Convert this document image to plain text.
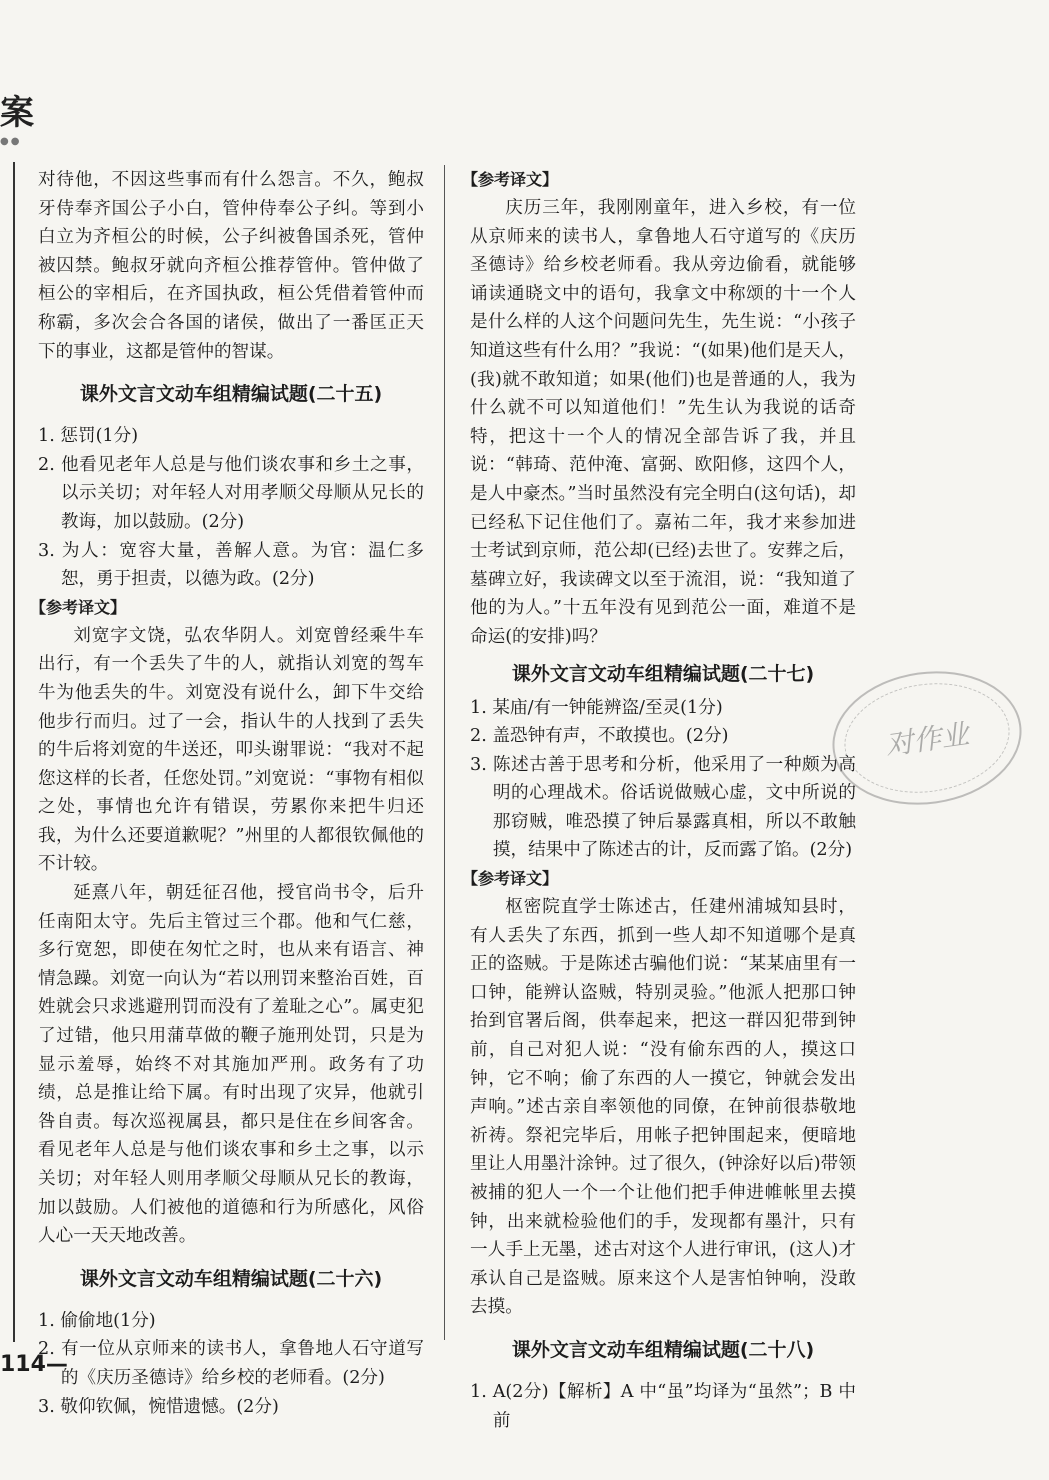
案
●●

对待他，不因这些事而有什么怨言。不久，鲍叔牙侍奉齐国公子小白，管仲侍奉公子纠。等到小白立为齐桓公的时候，公子纠被鲁国杀死，管仲被囚禁。鲍叔牙就向齐桓公推荐管仲。管仲做了桓公的宰相后，在齐国执政，桓公凭借着管仲而称霸，多次会合各国的诸侯，做出了一番匡正天下的事业，这都是管仲的智谋。

课外文言文动车组精编试题(二十五)

1. 惩罚(1分)

2. 他看见老年人总是与他们谈农事和乡土之事，以示关切；对年轻人对用孝顺父母顺从兄长的教诲，加以鼓励。(2分)

3. 为人：宽容大量，善解人意。为官：温仁多恕，勇于担责，以德为政。(2分)

【参考译文】

刘宽字文饶，弘农华阴人。刘宽曾经乘牛车出行，有一个丢失了牛的人，就指认刘宽的驾车牛为他丢失的牛。刘宽没有说什么，卸下牛交给他步行而归。过了一会，指认牛的人找到了丢失的牛后将刘宽的牛送还，叩头谢罪说：“我对不起您这样的长者，任您处罚。”刘宽说：“事物有相似之处，事情也允许有错误，劳累你来把牛归还我，为什么还要道歉呢？”州里的人都很钦佩他的不计较。

延熹八年，朝廷征召他，授官尚书令，后升任南阳太守。先后主管过三个郡。他和气仁慈，多行宽恕，即使在匆忙之时，也从来有语言、神情急躁。刘宽一向认为“若以刑罚来整治百姓，百姓就会只求逃避刑罚而没有了羞耻之心”。属吏犯了过错，他只用蒲草做的鞭子施刑处罚，只是为显示羞辱，始终不对其施加严刑。政务有了功绩，总是推让给下属。有时出现了灾异，他就引咎自责。每次巡视属县，都只是住在乡间客舍。看见老年人总是与他们谈农事和乡土之事，以示关切；对年轻人则用孝顺父母顺从兄长的教诲，加以鼓励。人们被他的道德和行为所感化，风俗人心一天天地改善。

课外文言文动车组精编试题(二十六)

1. 偷偷地(1分)

2. 有一位从京师来的读书人，拿鲁地人石守道写的《庆历圣德诗》给乡校的老师看。(2分)

3. 敬仰钦佩，惋惜遗憾。(2分)

【参考译文】

庆历三年，我刚刚童年，进入乡校，有一位从京师来的读书人，拿鲁地人石守道写的《庆历圣德诗》给乡校老师看。我从旁边偷看，就能够诵读通晓文中的语句，我拿文中称颂的十一个人是什么样的人这个问题问先生，先生说：“小孩子知道这些有什么用？”我说：“(如果)他们是天人，(我)就不敢知道；如果(他们)也是普通的人，我为什么就不可以知道他们！”先生认为我说的话奇特，把这十一个人的情况全部告诉了我，并且说：“韩琦、范仲淹、富弼、欧阳修，这四个人，是人中豪杰。”当时虽然没有完全明白(这句话)，却已经私下记住他们了。嘉祐二年，我才来参加进士考试到京师，范公却(已经)去世了。安葬之后，墓碑立好，我读碑文以至于流泪，说：“我知道了他的为人。”十五年没有见到范公一面，难道不是命运(的安排)吗？

课外文言文动车组精编试题(二十七)

1. 某庙/有一钟能辨盗/至灵(1分)

2. 盖恐钟有声，不敢摸也。(2分)

3. 陈述古善于思考和分析，他采用了一种颇为高明的心理战术。俗话说做贼心虚，文中所说的那窃贼，唯恐摸了钟后暴露真相，所以不敢触摸，结果中了陈述古的计，反而露了馅。(2分)

【参考译文】

枢密院直学士陈述古，任建州浦城知县时，有人丢失了东西，抓到一些人却不知道哪个是真正的盗贼。于是陈述古骗他们说：“某某庙里有一口钟，能辨认盗贼，特别灵验。”他派人把那口钟抬到官署后阁，供奉起来，把这一群囚犯带到钟前，自己对犯人说：“没有偷东西的人，摸这口钟，它不响；偷了东西的人一摸它，钟就会发出声响。”述古亲自率领他的同僚，在钟前很恭敬地祈祷。祭祀完毕后，用帐子把钟围起来，便暗地里让人用墨汁涂钟。过了很久，(钟涂好以后)带领被捕的犯人一个一个让他们把手伸进帷帐里去摸钟，出来就检验他们的手，发现都有墨汁，只有一人手上无墨，述古对这个人进行审讯，(这人)才承认自己是盗贼。原来这个人是害怕钟响，没敢去摸。

课外文言文动车组精编试题(二十八)

1. A(2分)【解析】A 中“虽”均译为“虽然”；B 中前

对作业
114—
